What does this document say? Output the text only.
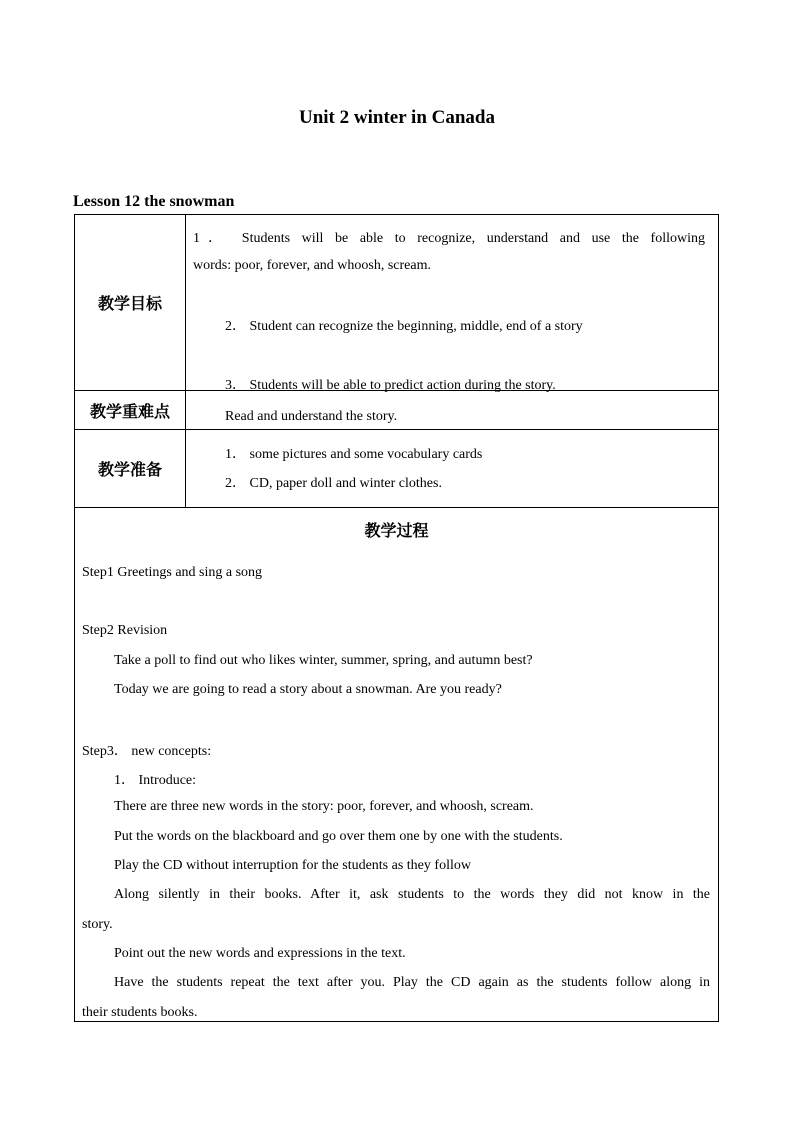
Unit 2 winter in Canada
Lesson 12 the snowman
教学目标
1． Students will be able to recognize, understand and use the following
words: poor, forever, and whoosh, scream.
2． Student can recognize the beginning, middle, end of a story
3． Students will be able to predict action during the story.
教学重难点	Read and understand the story.
教学准备
1． some pictures and some vocabulary cards
2． CD, paper doll and winter clothes.
教学过程
Step1 Greetings and sing a song
Step2 Revision
Take a poll to find out who likes winter, summer, spring, and autumn best?
Today we are going to read a story about a snowman. Are you ready?
Step3． new concepts:
1． Introduce:
There are three new words in the story: poor, forever, and whoosh, scream.
Put the words on the blackboard and go over them one by one with the students.
Play the CD without interruption for the students as they follow
Along silently in their books. After it, ask students to the words they did not know in the
story.
Point out the new words and expressions in the text.
Have the students repeat the text after you. Play the CD again as the students follow along in
their students books.
